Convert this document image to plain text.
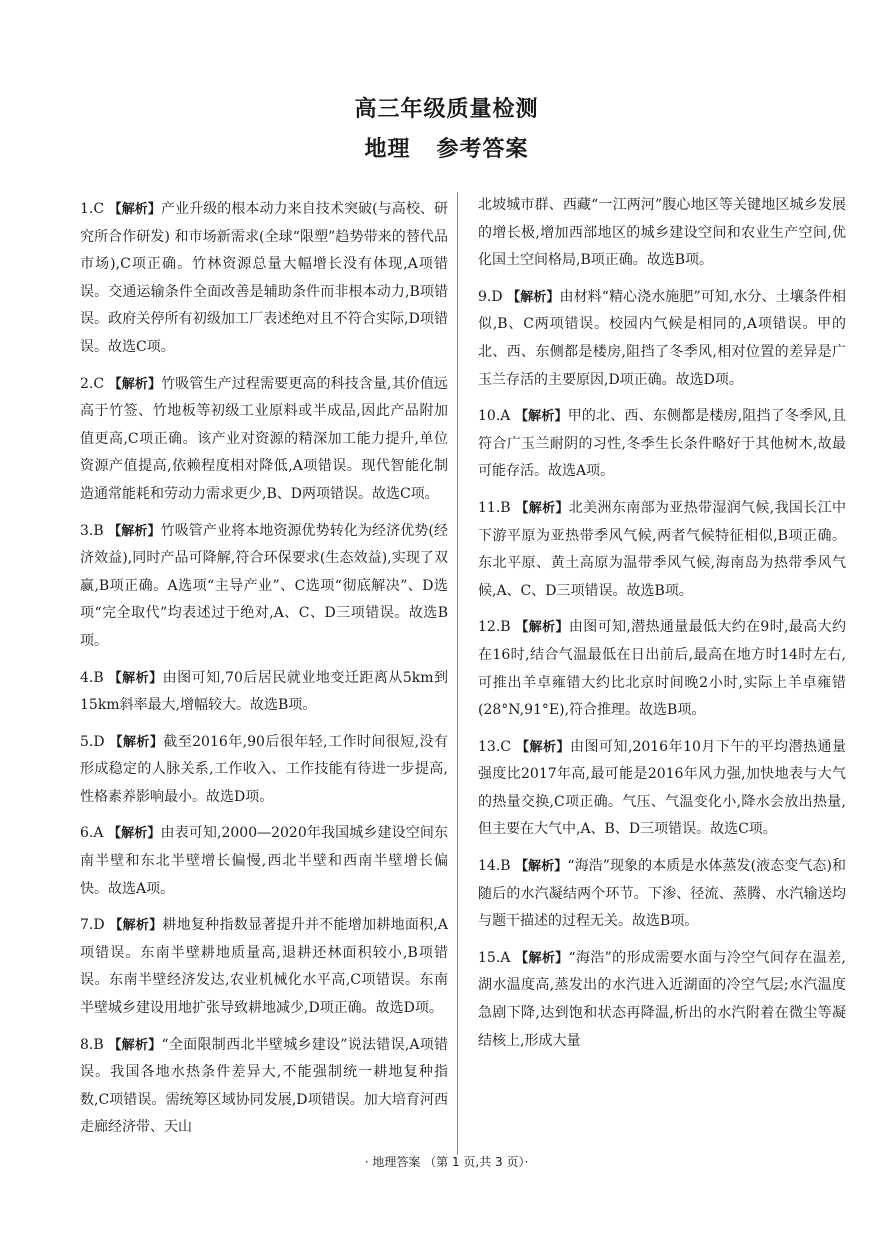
高三年级质量检测
地理 参考答案
1.C 【解析】产业升级的根本动力来自技术突破(与高校、研究所合作研发) 和市场新需求(全球“限塑”趋势带来的替代品市场),C项正确。竹林资源总量大幅增长没有体现,A项错误。交通运输条件全面改善是辅助条件而非根本动力,B项错误。政府关停所有初级加工厂表述绝对且不符合实际,D项错误。故选C项。
2.C 【解析】竹吸管生产过程需要更高的科技含量,其价值远高于竹签、竹地板等初级工业原料或半成品,因此产品附加值更高,C项正确。该产业对资源的精深加工能力提升,单位资源产值提高,依赖程度相对降低,A项错误。现代智能化制造通常能耗和劳动力需求更少,B、D两项错误。故选C项。
3.B 【解析】竹吸管产业将本地资源优势转化为经济优势(经济效益),同时产品可降解,符合环保要求(生态效益),实现了双赢,B项正确。A选项“主导产业”、C选项“彻底解决”、D选项“完全取代”均表述过于绝对,A、C、D三项错误。故选B项。
4.B 【解析】由图可知,70后居民就业地变迁距离从5km到15km斜率最大,增幅较大。故选B项。
5.D 【解析】截至2016年,90后很年轻,工作时间很短,没有形成稳定的人脉关系,工作收入、工作技能有待进一步提高,性格素养影响最小。故选D项。
6.A 【解析】由表可知,2000—2020年我国城乡建设空间东南半壁和东北半壁增长偏慢,西北半壁和西南半壁增长偏快。故选A项。
7.D 【解析】耕地复种指数显著提升并不能增加耕地面积,A项错误。东南半壁耕地质量高,退耕还林面积较小,B项错误。东南半壁经济发达,农业机械化水平高,C项错误。东南半壁城乡建设用地扩张导致耕地减少,D项正确。故选D项。
8.B 【解析】“全面限制西北半壁城乡建设”说法错误,A项错误。我国各地水热条件差异大,不能强制统一耕地复种指数,C项错误。需统筹区域协同发展,D项错误。加大培育河西走廊经济带、天山
北坡城市群、西藏“一江两河”腹心地区等关键地区城乡发展的增长极,增加西部地区的城乡建设空间和农业生产空间,优化国土空间格局,B项正确。故选B项。
9.D 【解析】由材料“精心浇水施肥”可知,水分、土壤条件相似,B、C两项错误。校园内气候是相同的,A项错误。甲的北、西、东侧都是楼房,阻挡了冬季风,相对位置的差异是广玉兰存活的主要原因,D项正确。故选D项。
10.A 【解析】甲的北、西、东侧都是楼房,阻挡了冬季风,且符合广玉兰耐阴的习性,冬季生长条件略好于其他树木,故最可能存活。故选A项。
11.B 【解析】北美洲东南部为亚热带湿润气候,我国长江中下游平原为亚热带季风气候,两者气候特征相似,B项正确。东北平原、黄土高原为温带季风气候,海南岛为热带季风气候,A、C、D三项错误。故选B项。
12.B 【解析】由图可知,潜热通量最低大约在9时,最高大约在16时,结合气温最低在日出前后,最高在地方时14时左右,可推出羊卓雍错大约比北京时间晚2小时,实际上羊卓雍错(28°N,91°E),符合推理。故选B项。
13.C 【解析】由图可知,2016年10月下午的平均潜热通量强度比2017年高,最可能是2016年风力强,加快地表与大气的热量交换,C项正确。气压、气温变化小,降水会放出热量,但主要在大气中,A、B、D三项错误。故选C项。
14.B 【解析】“海浩”现象的本质是水体蒸发(液态变气态)和随后的水汽凝结两个环节。下渗、径流、蒸腾、水汽输送均与题干描述的过程无关。故选B项。
15.A 【解析】“海浩”的形成需要水面与冷空气间存在温差,湖水温度高,蒸发出的水汽进入近湖面的冷空气层;水汽温度急剧下降,达到饱和状态再降温,析出的水汽附着在微尘等凝结核上,形成大量
· 地理答案 （第 1 页,共 3 页）·
